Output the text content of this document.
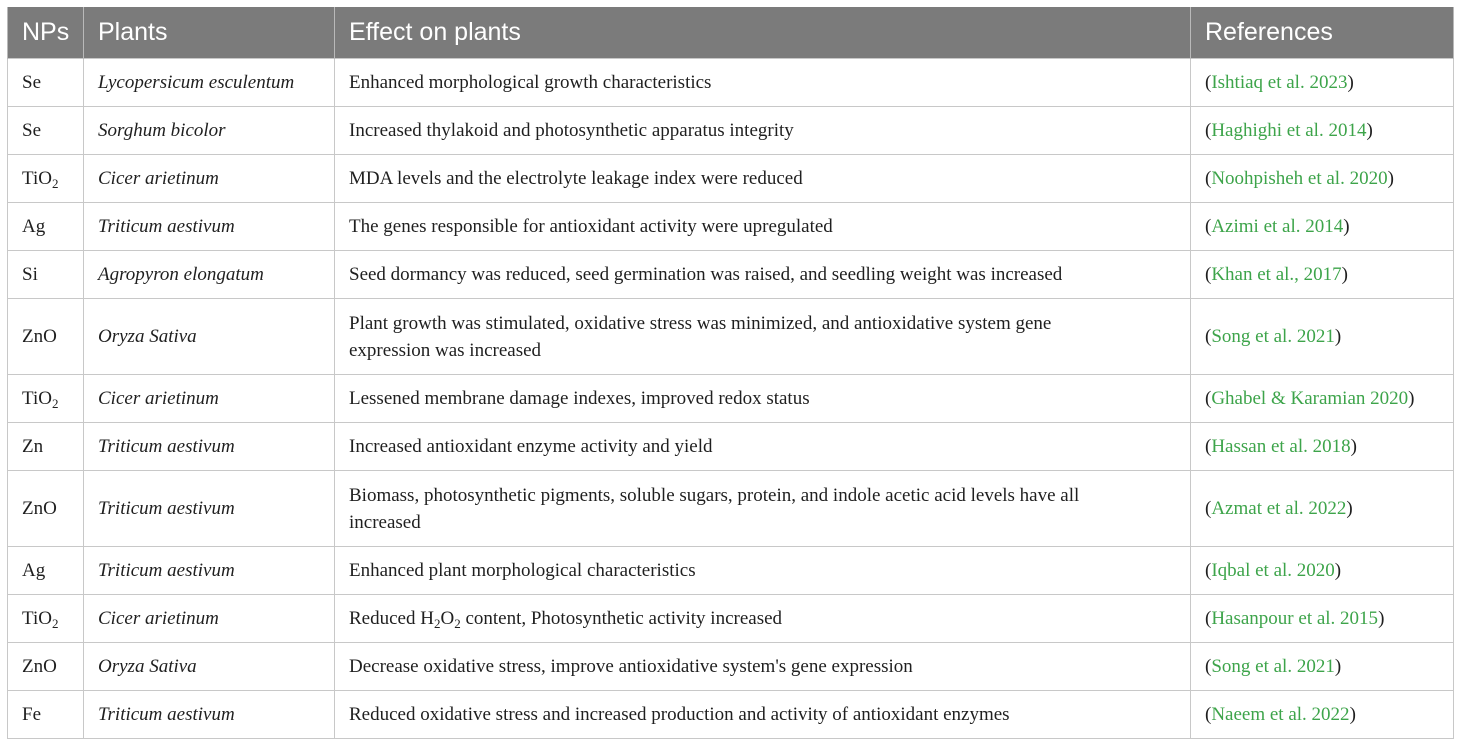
NPs	Plants	Effect on plants	References
Se	Lycopersicum esculentum	Enhanced morphological growth characteristics	(Ishtiaq et al. 2023)
Se	Sorghum bicolor	Increased thylakoid and photosynthetic apparatus integrity	(Haghighi et al. 2014)
TiO$_2$	Cicer arietinum	MDA levels and the electrolyte leakage index were reduced	(Noohpisheh et al. 2020)
Ag	Triticum aestivum	The genes responsible for antioxidant activity were upregulated	(Azimi et al. 2014)
Si	Agropyron elongatum	Seed dormancy was reduced, seed germination was raised, and seedling weight was increased	(Khan et al., 2017)
ZnO	Oryza Sativa	Plant growth was stimulated, oxidative stress was minimized, and antioxidative system gene expression was increased	(Song et al. 2021)
TiO$_2$	Cicer arietinum	Lessened membrane damage indexes, improved redox status	(Ghabel & Karamian 2020)
Zn	Triticum aestivum	Increased antioxidant enzyme activity and yield	(Hassan et al. 2018)
ZnO	Triticum aestivum	Biomass, photosynthetic pigments, soluble sugars, protein, and indole acetic acid levels have all increased	(Azmat et al. 2022)
Ag	Triticum aestivum	Enhanced plant morphological characteristics	(Iqbal et al. 2020)
TiO$_2$	Cicer arietinum	Reduced $H_2O_2$ content, Photosynthetic activity increased	(Hasanpour et al. 2015)
ZnO	Oryza Sativa	Decrease oxidative stress, improve antioxidative system's gene expression	(Song et al. 2021)
Fe	Triticum aestivum	Reduced oxidative stress and increased production and activity of antioxidant enzymes	(Naeem et al. 2022)
